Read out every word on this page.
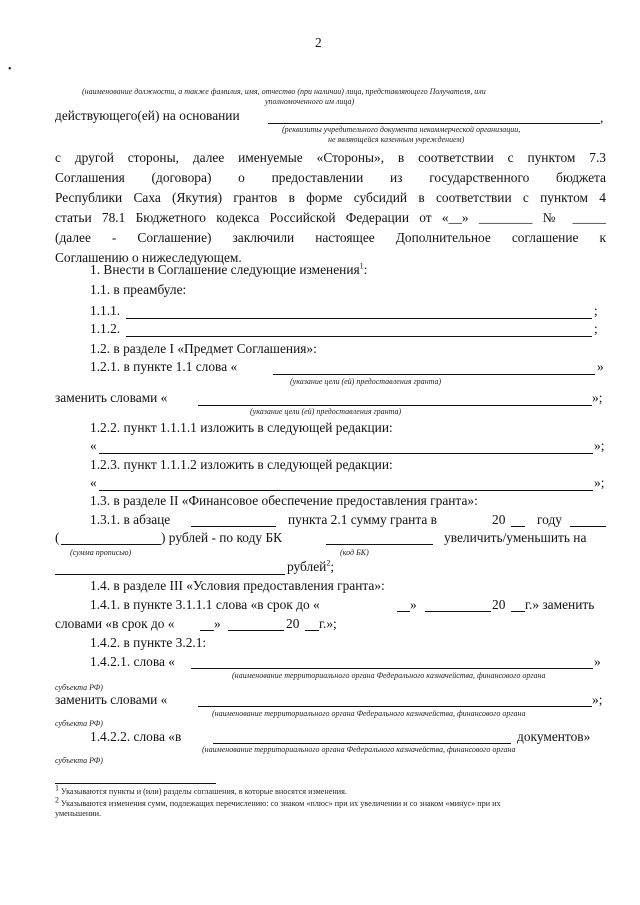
2
•
(наименование должности, а также фамилия, имя, отчество (при наличии) лица, представляющего Получателя, или
уполномоченного им лица)
действующего(ей) на основании	,
(реквизиты учредительного документа некоммерческой организации,
не являющейся казенным учреждением)
с другой стороны, далее именуемые «Стороны», в соответствии с пунктом 7.3
Соглашения (договора) о предоставлении из государственного бюджета
Республики Саха (Якутия) грантов в форме субсидий в соответствии с пунктом 4
статьи 78.1 Бюджетного кодекса Российской Федерации от «__» ________ № _____
(далее - Соглашение) заключили настоящее Дополнительное соглашение к
Соглашению о нижеследующем.
1. Внести в Соглашение следующие изменения$^1$:
1.1. в преамбуле:
1.1.1.	;
1.1.2.	;
1.2. в разделе I «Предмет Соглашения»:
1.2.1. в пункте 1.1 слова «	»
(указание цели (ей) предоставления гранта)
заменить словами «	»;
(указание цели (ей) предоставления гранта)
1.2.2. пункт 1.1.1.1 изложить в следующей редакции:
«	»;
1.2.3. пункт 1.1.1.2 изложить в следующей редакции:
«	»;
1.3. в разделе II «Финансовое обеспечение предоставления гранта»:
1.3.1. в абзаце	пункта 2.1 сумму гранта в	20 году
(	) рублей - по коду БК	увеличить/уменьшить на
(сумма прописью)	(код БК)
рублей$^2$;
1.4. в разделе III «Условия предоставления гранта»:
1.4.1. в пункте 3.1.1.1 слова «в срок до «	»	20 г.» заменить
словами «в срок до «	»	20 г.»;
1.4.2. в пункте 3.2.1:
1.4.2.1. слова «	»
(наименование территориального органа Федерального казначейства, финансового органа
субъекта РФ)
заменить словами «	»;
(наименование территориального органа Федерального казначейства, финансового органа
субъекта РФ)
1.4.2.2. слова «в	документов»
(наименование территориального органа Федерального казначейства, финансового органа
субъекта РФ)
$^1$ Указываются пункты и (или) разделы соглашения, в которые вносятся изменения.
$^2$ Указываются изменения сумм, подлежащих перечислению: со знаком «плюс» при их увеличении и со знаком «минус» при их
уменьшении.
